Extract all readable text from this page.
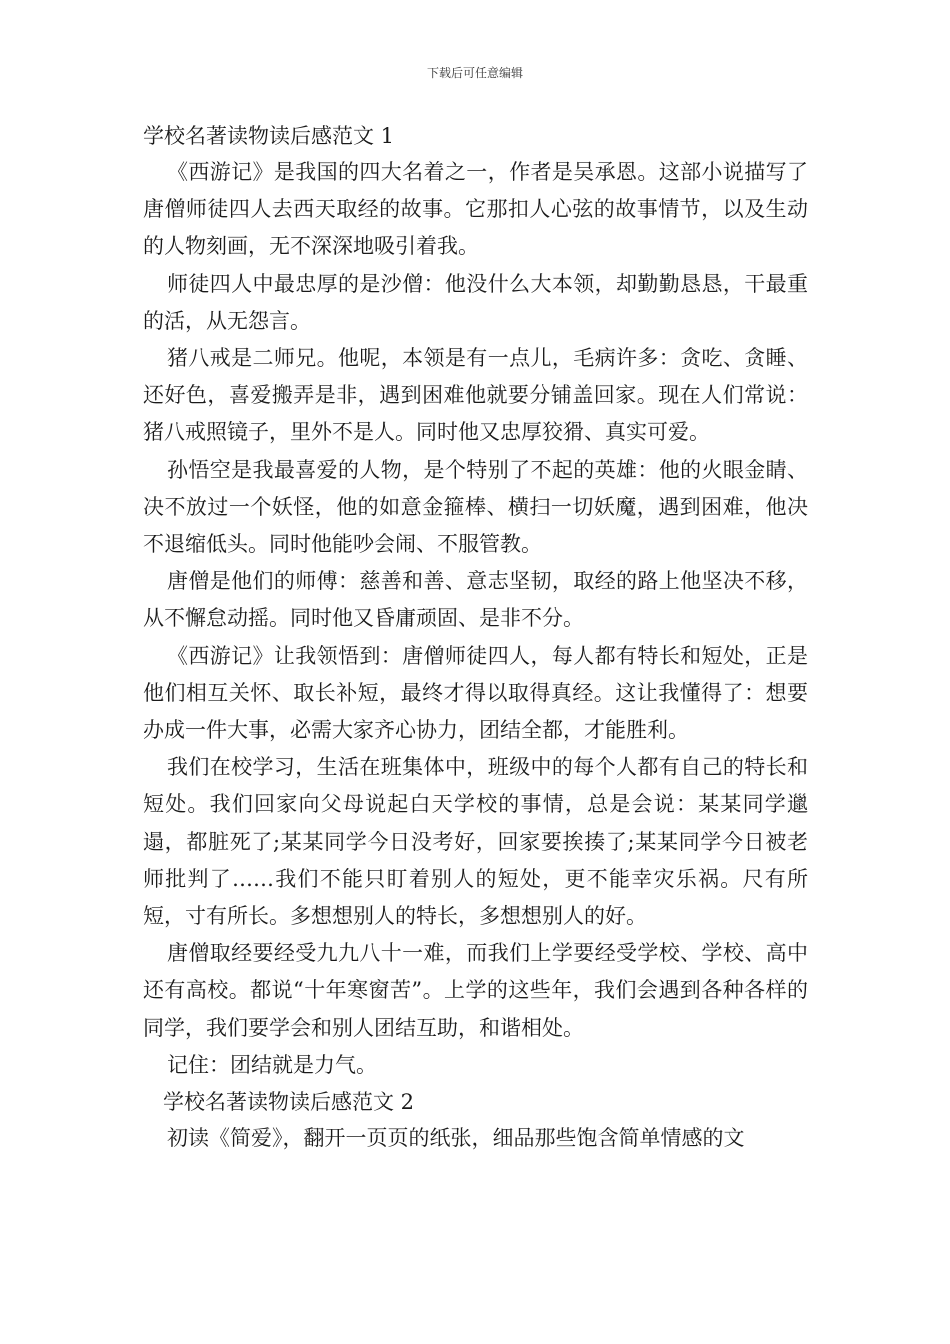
下载后可任意编辑
学校名著读物读后感范文 1

《西游记》是我国的四大名着之一，作者是吴承恩。这部小说描写了唐僧师徒四人去西天取经的故事。它那扣人心弦的故事情节，以及生动的人物刻画，无不深深地吸引着我。

师徒四人中最忠厚的是沙僧：他没什么大本领，却勤勤恳恳，干最重的活，从无怨言。

猪八戒是二师兄。他呢，本领是有一点儿，毛病许多：贪吃、贪睡、还好色，喜爱搬弄是非，遇到困难他就要分铺盖回家。现在人们常说：猪八戒照镜子，里外不是人。同时他又忠厚狡猾、真实可爱。

孙悟空是我最喜爱的人物，是个特别了不起的英雄：他的火眼金睛、决不放过一个妖怪，他的如意金箍棒、横扫一切妖魔，遇到困难，他决不退缩低头。同时他能吵会闹、不服管教。

唐僧是他们的师傅：慈善和善、意志坚韧，取经的路上他坚决不移，从不懈怠动摇。同时他又昏庸顽固、是非不分。

《西游记》让我领悟到：唐僧师徒四人，每人都有特长和短处，正是他们相互关怀、取长补短，最终才得以取得真经。这让我懂得了：想要办成一件大事，必需大家齐心协力，团结全都，才能胜利。

我们在校学习，生活在班集体中，班级中的每个人都有自己的特长和短处。我们回家向父母说起白天学校的事情，总是会说：某某同学邋遢，都脏死了;某某同学今日没考好，回家要挨揍了;某某同学今日被老师批判了……我们不能只盯着别人的短处，更不能幸灾乐祸。尺有所短，寸有所长。多想想别人的特长，多想想别人的好。

唐僧取经要经受九九八十一难，而我们上学要经受学校、学校、高中还有高校。都说“十年寒窗苦”。上学的这些年，我们会遇到各种各样的同学，我们要学会和别人团结互助，和谐相处。

记住：团结就是力气。

学校名著读物读后感范文 2

初读《简爱》，翻开一页页的纸张，细品那些饱含简单情感的文
